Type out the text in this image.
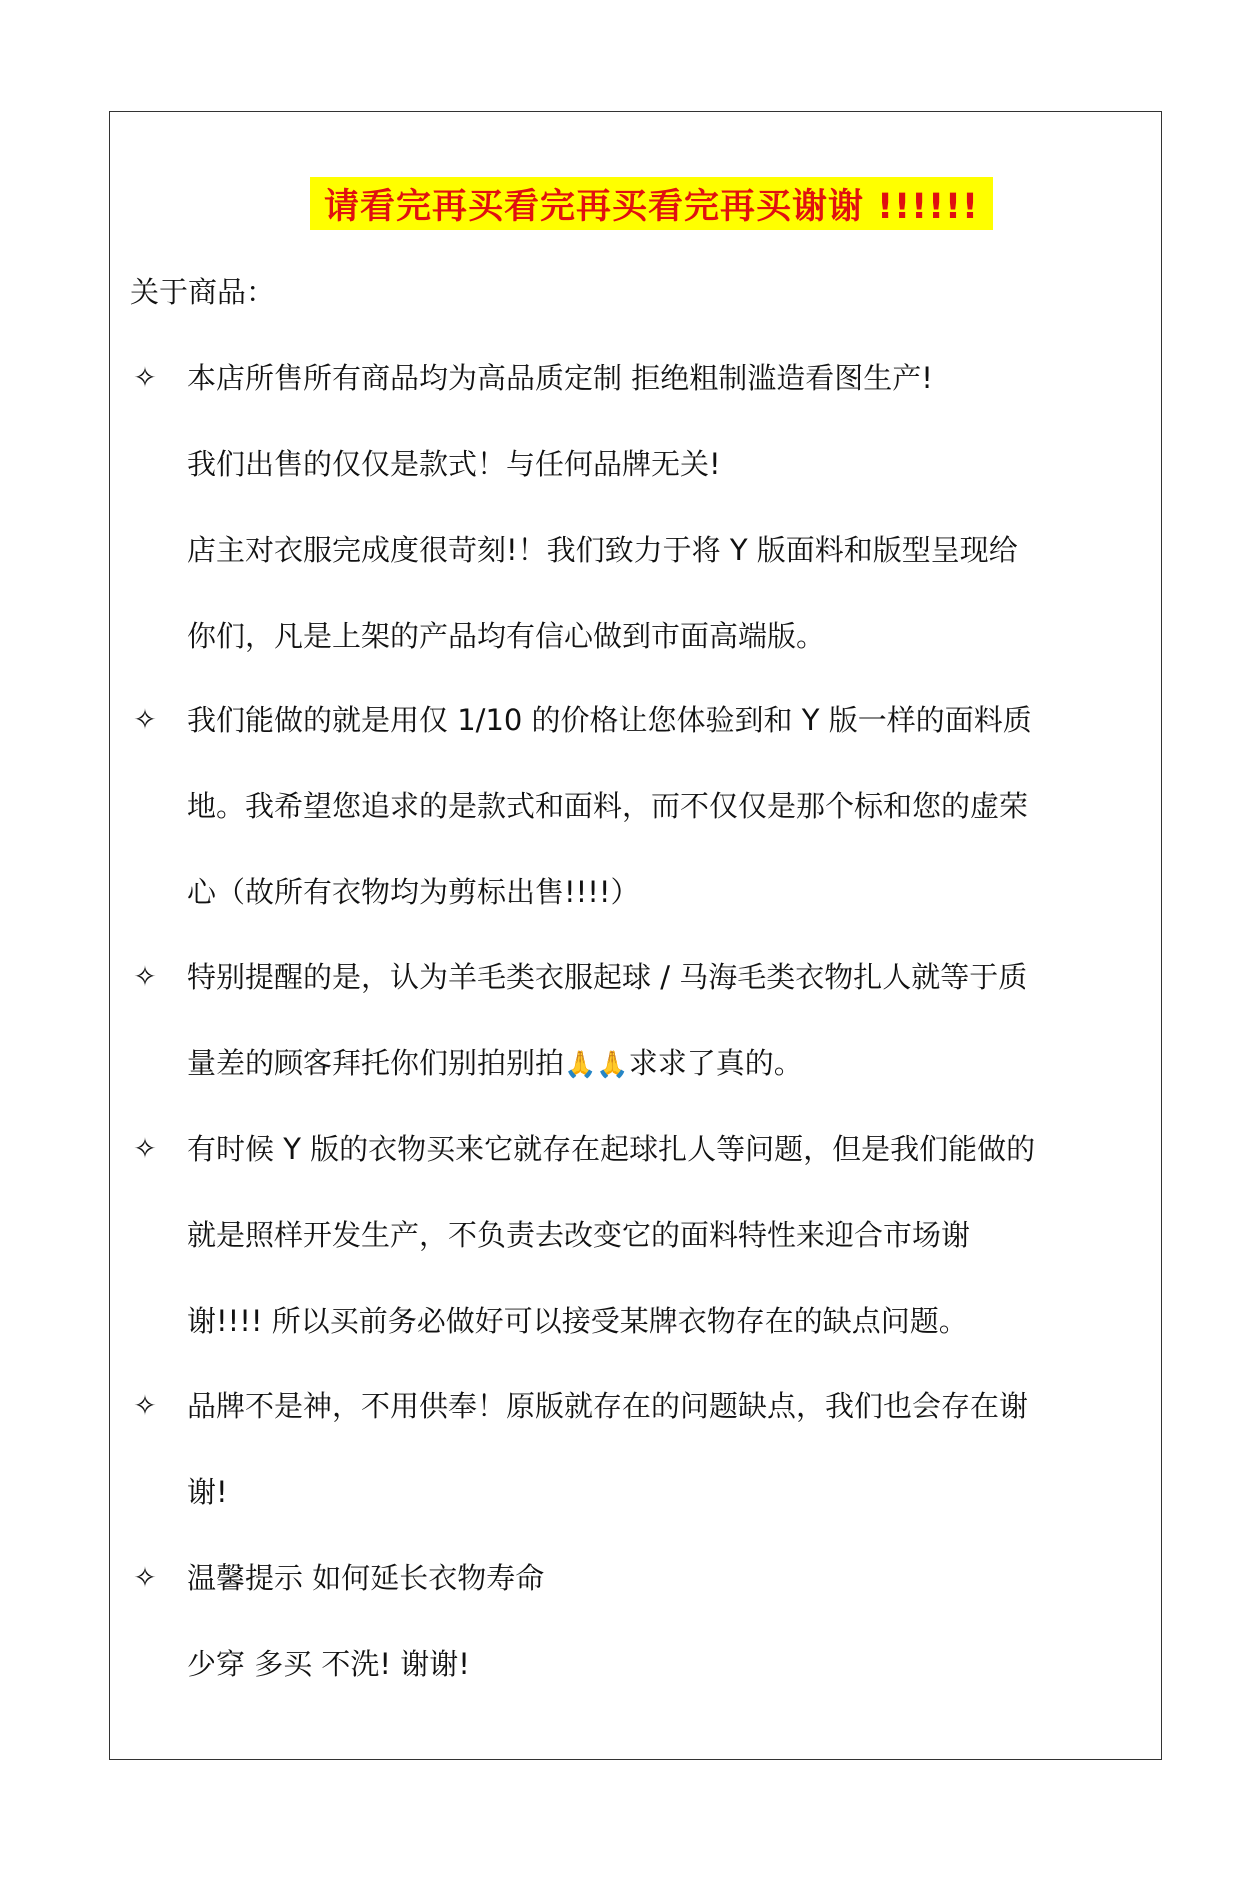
请看完再买看完再买看完再买谢谢 !!!!!!
关于商品：
✧ 本店所售所有商品均为高品质定制 拒绝粗制滥造看图生产!
我们出售的仅仅是款式！与任何品牌无关!
店主对衣服完成度很苛刻!！我们致力于将 Y 版面料和版型呈现给
你们，凡是上架的产品均有信心做到市面高端版。
✧ 我们能做的就是用仅 1/10 的价格让您体验到和 Y 版一样的面料质
地。我希望您追求的是款式和面料，而不仅仅是那个标和您的虚荣
心（故所有衣物均为剪标出售!!!!）
✧ 特别提醒的是，认为羊毛类衣服起球 / 马海毛类衣物扎人就等于质
量差的顾客拜托你们别拍别拍🙏🙏求求了真的。
✧ 有时候 Y 版的衣物买来它就存在起球扎人等问题，但是我们能做的
就是照样开发生产，不负责去改变它的面料特性来迎合市场谢
谢!!!! 所以买前务必做好可以接受某牌衣物存在的缺点问题。
✧ 品牌不是神，不用供奉！原版就存在的问题缺点，我们也会存在谢
谢!
✧ 温馨提示 如何延长衣物寿命
少穿 多买 不洗! 谢谢!
